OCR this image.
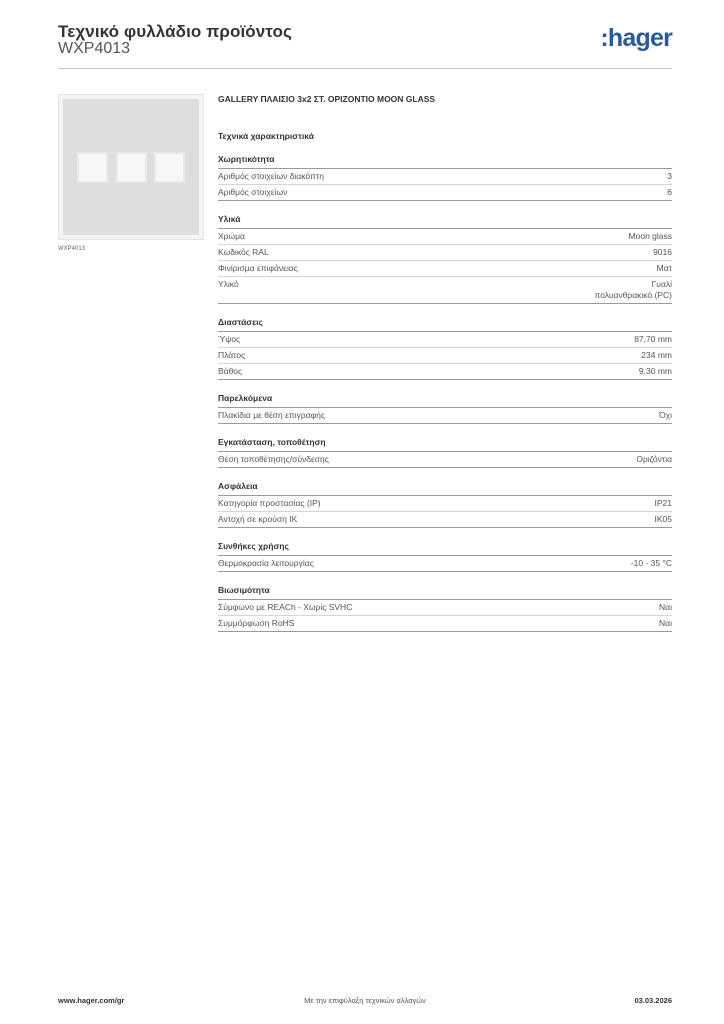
Τεχνικό φυλλάδιο προϊόντος
WXP4013	:hager
WXP4013
GALLERY ΠΛΑΙΣΙΟ 3x2 ΣΤ. ΟΡΙΖΟΝΤΙΟ MOON GLASS
Τεχνικά χαρακτηριστικά
Χωρητικότητα
Αριθμός στοιχείων διακόπτη	3
Αριθμός στοιχείων	6
Υλικά
Χρώμα	Moon glass
Κωδικός RAL	9016
Φινίρισμα επιφάνειας	Ματ
Υλικό	Γυαλί
πολυανθρακικό (PC)
Διαστάσεις
Ύψος	87,70 mm
Πλάτος	234 mm
Βάθος	9,30 mm
Παρελκόμενα
Πλακίδια με θέση επιγραφής	Όχι
Εγκατάσταση, τοποθέτηση
Θέση τοποθέτησης/σύνδεσης	Οριζόντια
Ασφάλεια
Κατηγορία προστασίας (IP)	IP21
Αντοχή σε κρούση IK	IK05
Συνθήκες χρήσης
Θερμοκρασία λειτουργίας	-10 - 35 °C
Βιωσιμότητα
Σύμφωνο με REACh - Χωρίς SVHC	Ναι
Συμμόρφωση RoHS	Ναι
www.hager.com/gr	Με την επιφύλαξη τεχνικών αλλαγών	03.03.2026
